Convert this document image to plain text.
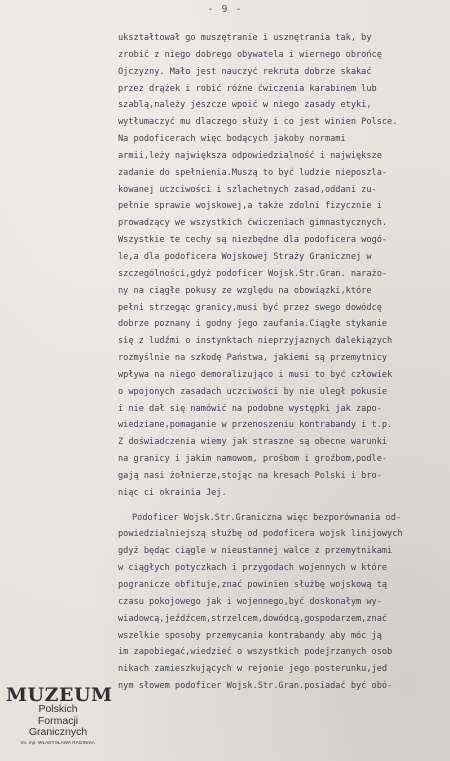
- 9 -
ukształtował go muszętranie i usznętrania tak, by
zrobić z niego dobrego obywatela i wiernego obrońcę
Ojczyzny. Mało jest nauczyć rekruta dobrze skakać
przez drążek i robić różne ćwiczenia karabinem lub
szablą,należy jeszcze wpoić w niego zasady etyki,
wytłumaczyć mu dlaczego służy i co jest winien Polsce.
Na podoficerach więc bodących jakoby normami
armii,leży największa odpowiedzialność i największe
zadanie do spełnienia.Muszą to być ludzie nieposzla-
kowanej uczciwości i szlachetnych zasad,oddani zu-
pełnie sprawie wojskowej,a także zdolni fizycznie i
prowadzący we wszystkich ćwiczeniach gimnastycznych.
Wszystkie te cechy są niezbędne dla podoficera wogó-
le,a dla podoficera Wojskowej Straży Granicznej w
szczególności,gdyż podoficer Wojsk.Str.Gran. narażo-
ny na ciągłe pokusy ze względu na obowiązki,które
pełni strzegąc granicy,musi być przez swego dowódcę
dobrze poznany i godny jego zaufania.Ciągłe stykanie
się z ludźmi o instynktach nieprzyjaznych dalekiązych
rozmyślnie na szkodę Państwa, jakiemi są przemytnicy
wpływa na niego demoralizująco i musi to być człowiek
o wpojonych zasadach uczciwości by nie uległ pokusie
i nie dał się namówić na podobne występki jak zapo-
wiedziane,pomaganie w przenoszeniu kontrabandy i t.p.
Z doświadczenia wiemy jak straszne są obecne warunki
na granicy i jakim namowom, prośbom i groźbom,podle-
gają nasi żołnierze,stojąc na kresach Polski i bro-
niąc ci okrainia Jej.
Podoficer Wojsk.Str.Graniczna więc bezporównania od-
powiedzialniejszą służbę od podoficera wojsk linijowych
gdyż będąc ciągle w nieustannej walce z przemytnikami
w ciągłych potyczkach i przygodach wojennych w które
pogranicze obfituje,znać powinien służbę wojskową tą
czasu pokojowego jak i wojennego,być doskonałym wy-
wiadowcą,jeźdźcem,strzelcem,dowódcą,gospodarzem,znać
wszelkie sposoby przemycania kontrabandy aby móc ją
im zapobiegać,wiedzieć o wszystkich podejrzanych osob
nikach zamieszkujących w rejonie jego posterunku,jed
nym słowem podoficer Wojsk.Str.Gran.posiadać być obó-
MUZEUM
Polskich
Formacji
Granicznych
im. mjr. WŁADYSŁAWA RAGINISA
